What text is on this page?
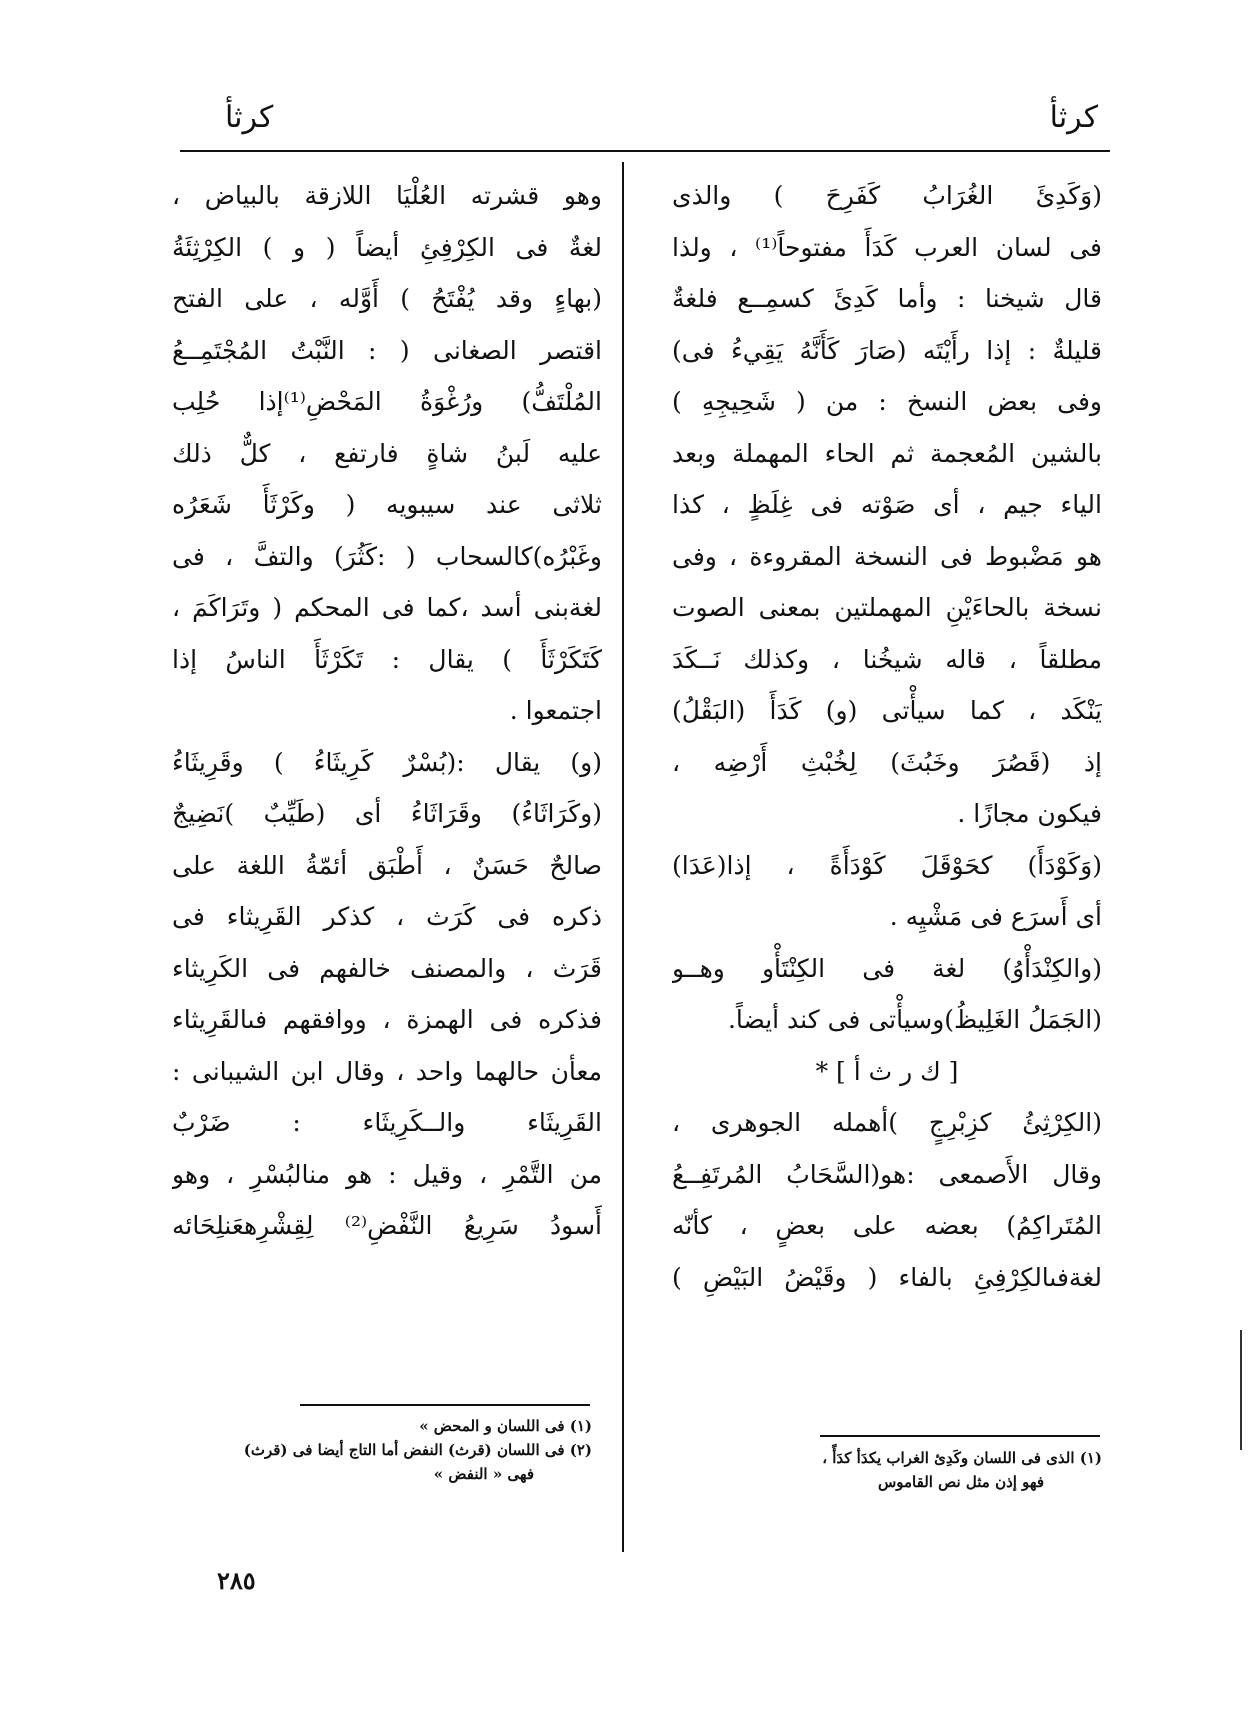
كرثأ
كرثأ
(وَكَدِئَ الغُرَابُ كَفَرِحَ ) والذى
فى لسان العرب كَدَأَ مفتوحاً⁽¹⁾ ، ولذا
قال شيخنا : وأما كَدِئَ كسمِــع فلغةٌ
قليلةٌ : إذا رأَيْتَه (صَارَ كَأَنَّهُ يَقِيءُ فى)
وفى بعض النسخ : من ( شَحِيجِهِ )
بالشين المُعجمة ثم الحاء المهملة وبعد
الياء جيم ، أى صَوْته فى غِلَظٍ ، كذا
هو مَضْبوط فى النسخة المقروءة ، وفى
نسخة بالحاءَيْنِ المهملتين بمعنى الصوت
مطلقاً ، قاله شيخُنا ، وكذلك نَــكَدَ
يَنْكَد ، كما سيأْتى (و) كَدَأَ (البَقْلُ)
إذ (قَصُرَ وخَبُثَ) لِخُبْثِ أَرْضِه ،
فيكون مجازًا .
(وَكَوْدَأَ) كحَوْقَلَ كَوْدَأَةً ، إذا(عَدَا)
أى أَسرَع فى مَشْيِه .
(والكِنْدَأْوُ) لغة فى الكِنْتَأْو وهــو
(الجَمَلُ الغَلِيظُ)وسيأْتى فى كند أيضاً.
[ ك ر ث أ ] *
(الكِرْثِئُ كزِبْرِجٍ )أهمله الجوهرى ،
وقال الأَصمعى :هو(السَّحَابُ المُرتَفِــعُ
المُتَراكِمُ) بعضه على بعضٍ ، كأنّه
لغةفىالكِرْفِئِ بالفاء ( وقَيْضُ البَيْضِ )
وهو قشرته العُلْيَا اللازقة بالبياض ،
لغةٌ فى الكِرْفِئِ أيضاً ( و ) الكِرْثِئَةُ
(بهاءٍ وقد يُفْتَحُ ) أَوَّله ، على الفتح
اقتصر الصغانى ( : النَّبْتُ المُجْتَمِــعُ
المُلْتَفُّ) ورُغْوَةُ المَحْضِ⁽¹⁾إذا حُلِب
عليه لَبنُ شاةٍ فارتفع ، كلٌّ ذلك
ثلاثى عند سيبويه ( وكَرْثَأَ شَعَرُه
وغَبْرُه)كالسحاب ( :كَثُرَ) والتفَّ ، فى
لغةبنى أسد ،كما فى المحكم ( وتَرَاكَمَ ،
كَتَكَرْثَأَ ) يقال : تَكَرْثَأَ الناسُ إذا
اجتمعوا .
(و) يقال :(بُسْرٌ كَرِيثَاءُ ) وقَرِيثَاءُ
(وكَرَاثَاءُ) وقَرَاثَاءُ أى (طَيِّبٌ )نَضِيجٌ
صالحٌ حَسَنٌ ، أَطْبَق أئمّةُ اللغة على
ذكره فى كَرَث ، كذكر القَرِيثاء فى
قَرَث ، والمصنف خالفهم فى الكَرِيثاء
فذكره فى الهمزة ، ووافقهم فىالقَرِيثاء
معأن حالهما واحد ، وقال ابن الشيبانى :
القَرِيثَاء والــكَرِيثَاء : ضَرْبٌ
من التَّمْرِ ، وقيل : هو منالبُسْرِ ، وهو
أَسودُ سَرِيعُ النَّفْضِ⁽²⁾ لِقِشْرِهعَنلِحَائه
(١) الذى فى اللسان وكَدِئ الغراب يكدَأ كدَأً ،
فهو إذن مثل نص القاموس
(١) فى اللسان و المحض »
(٢) فى اللسان (قرث) النفض أما التاج أيضا فى (قرث)
فهى « النفض »
٢٨٥
